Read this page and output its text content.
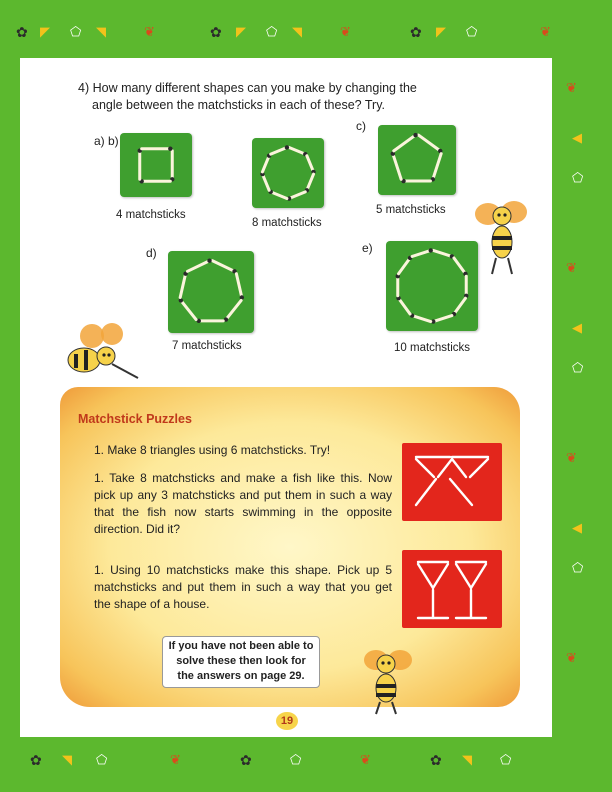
✿ ◤ ⬠ ◥	❦	✿ ◤ ⬠ ◥	❦	✿ ◤ ⬠	❦
❦
◀
⬠
❦
◀
⬠
❦
◀
⬠
❦
✿ ◥ ⬠	❦	✿	⬠	❦	✿ ◥ ⬠
4) How many different shapes can you make by changing the
angle between the matchsticks in each of these? Try.
a) b)
c)
d)	e)
4 matchsticks
8 matchsticks
5 matchsticks
7 matchsticks	10 matchsticks
Matchstick Puzzles
1. Make 8 triangles using 6 matchsticks. Try!
1. Take 8 matchsticks and make a fish like this. Now pick up any 3 matchsticks and put them in such a way that the fish now starts swimming in the opposite direction. Did it?
1. Using 10 matchsticks make this shape. Pick up 5 matchsticks and put them in such a way that you get the shape of a house.
If you have not been able to
solve these then look for
the answers on page 29.
19
